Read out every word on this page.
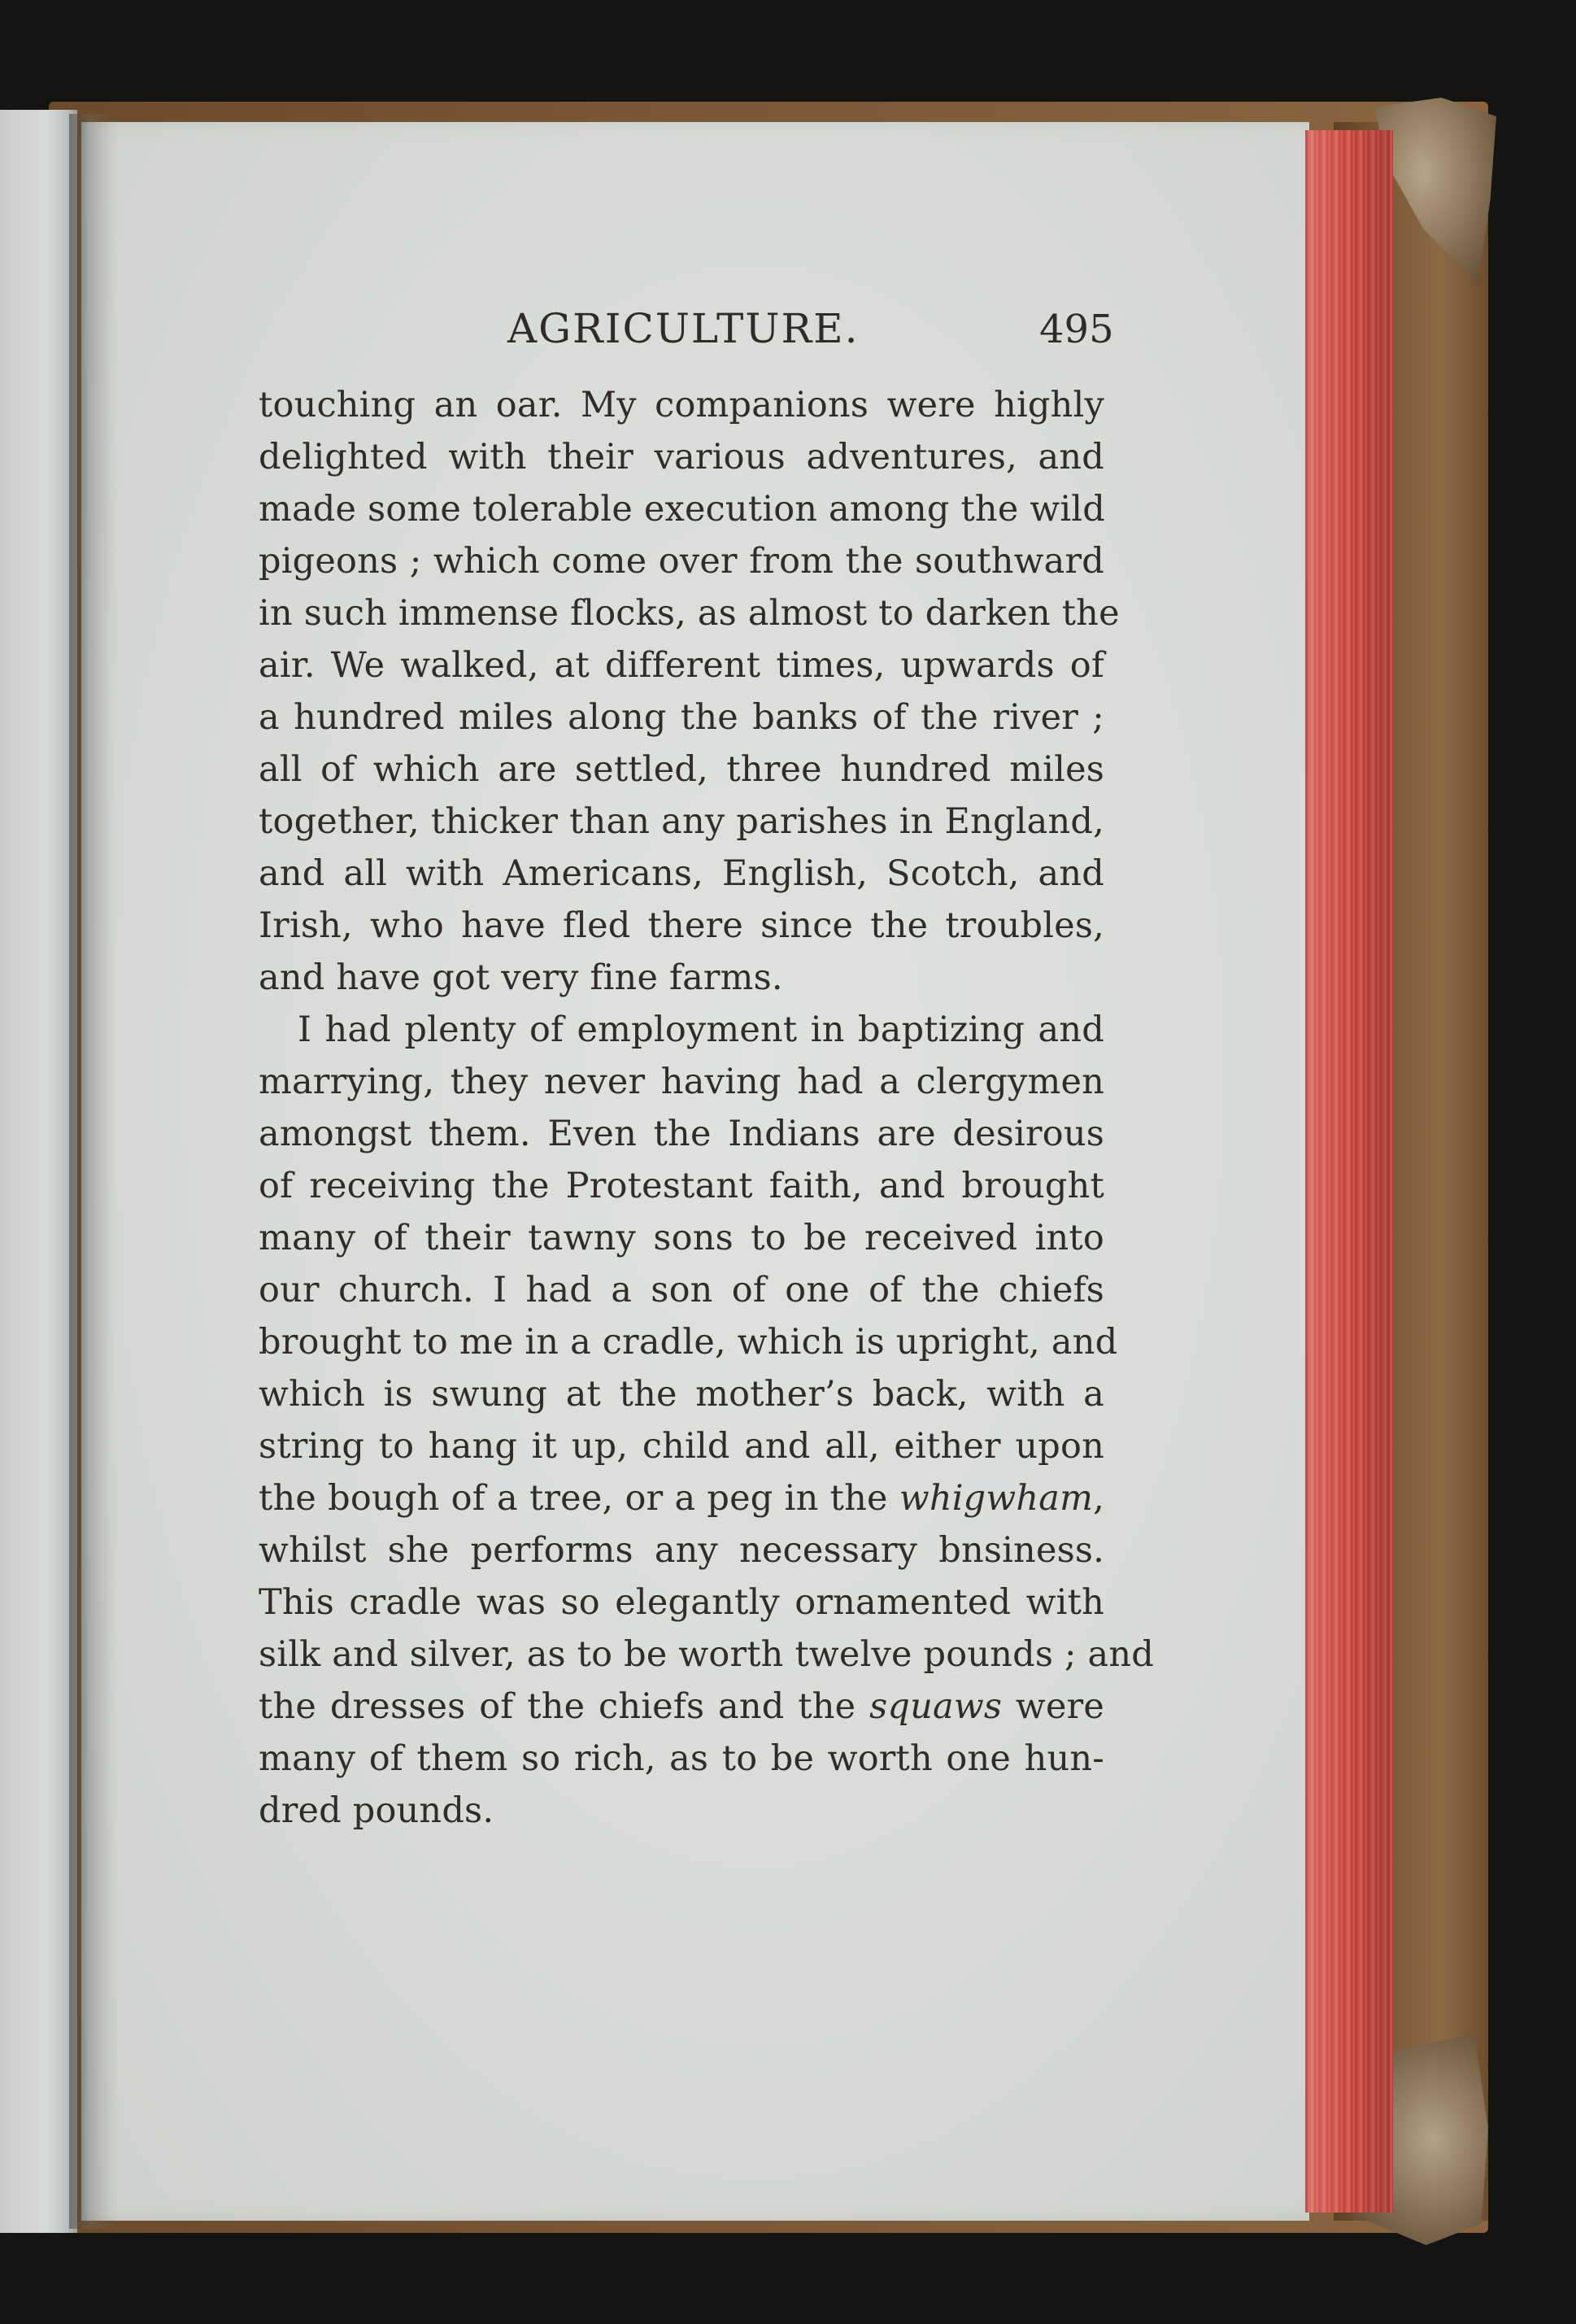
AGRICULTURE.	495
touching an oar. My companions were highly
delighted with their various adventures, and
made some tolerable execution among the wild
pigeons ; which come over from the southward
in such immense flocks, as almost to darken the
air. We walked, at different times, upwards of
a hundred miles along the banks of the river ;
all of which are settled, three hundred miles
together, thicker than any parishes in England,
and all with Americans, English, Scotch, and
Irish, who have fled there since the troubles,
and have got very fine farms.
I had plenty of employment in baptizing and
marrying, they never having had a clergymen
amongst them. Even the Indians are desirous
of receiving the Protestant faith, and brought
many of their tawny sons to be received into
our church. I had a son of one of the chiefs
brought to me in a cradle, which is upright, and
which is swung at the mother’s back, with a
string to hang it up, child and all, either upon
the bough of a tree, or a peg in the whigwham,
whilst she performs any necessary bnsiness.
This cradle was so elegantly ornamented with
silk and silver, as to be worth twelve pounds ; and
the dresses of the chiefs and the squaws were
many of them so rich, as to be worth one hun-
dred pounds.
